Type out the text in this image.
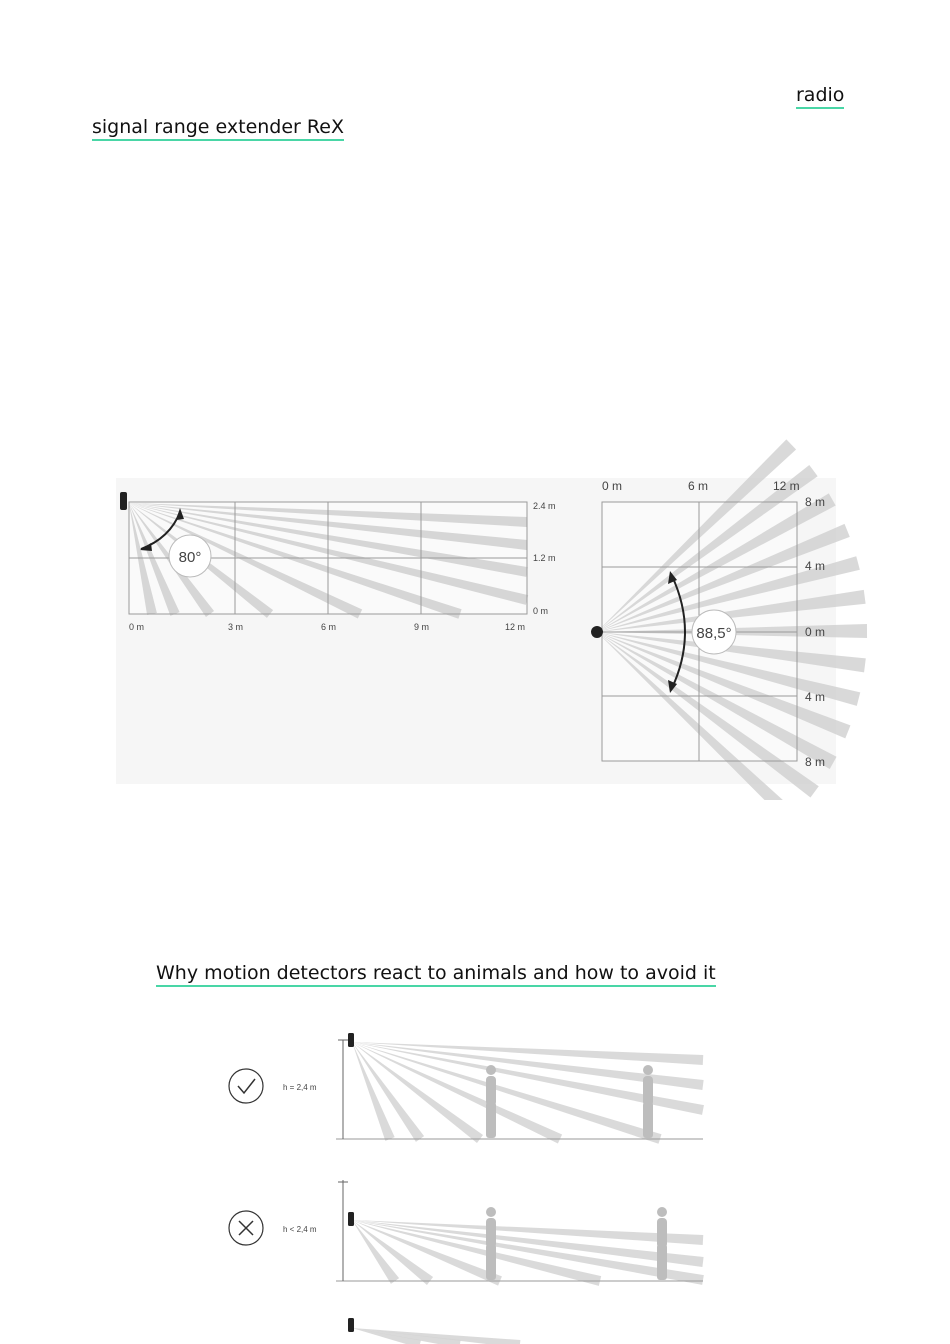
radio
signal range extender ReX
80°
0 m	3 m	6 m	9 m	12 m
2.4 m
1.2 m
0 m
88,5°
0 m	6 m	12 m
8 m
4 m
0 m
4 m
8 m
Why motion detectors react to animals and how to avoid it
h = 2,4 m
h < 2,4 m
